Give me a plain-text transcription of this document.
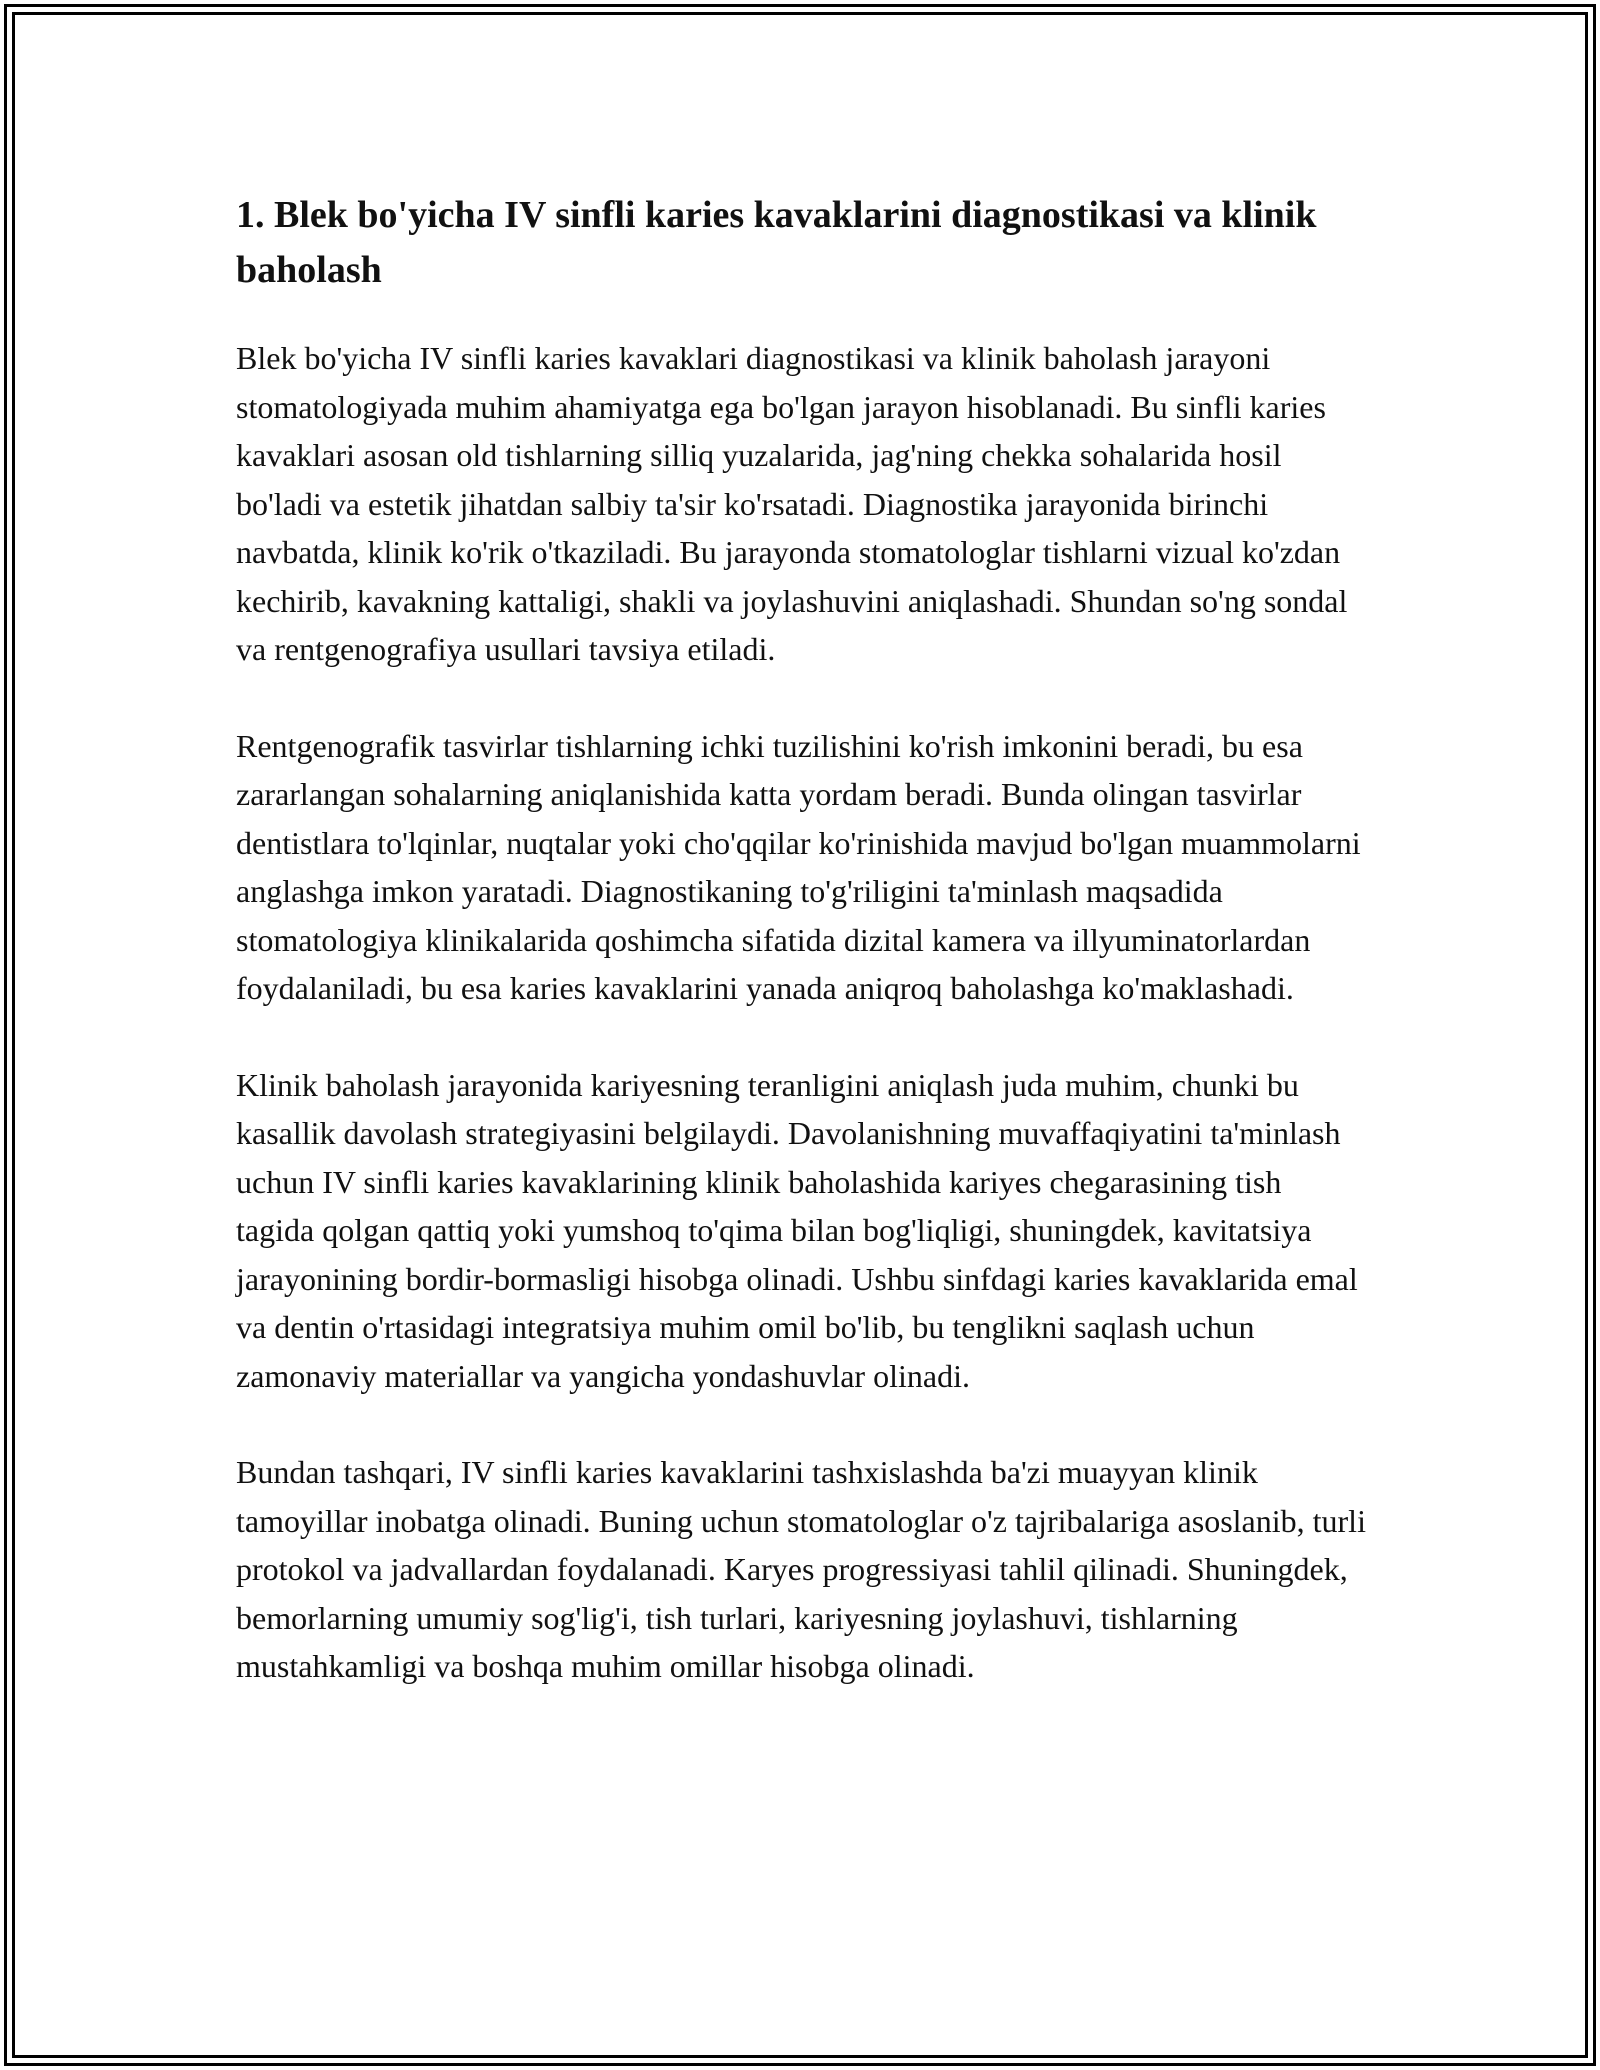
1. Blek bo'yicha IV sinfli karies kavaklarini diagnostikasi va klinik baholash

Blek bo'yicha IV sinfli karies kavaklari diagnostikasi va klinik baholash jarayoni stomatologiyada muhim ahamiyatga ega bo'lgan jarayon hisoblanadi. Bu sinfli karies kavaklari asosan old tishlarning silliq yuzalarida, jag'ning chekka sohalarida hosil bo'ladi va estetik jihatdan salbiy ta'sir ko'rsatadi. Diagnostika jarayonida birinchi navbatda, klinik ko'rik o'tkaziladi. Bu jarayonda stomatologlar tishlarni vizual ko'zdan kechirib, kavakning kattaligi, shakli va joylashuvini aniqlashadi. Shundan so'ng sondal va rentgenografiya usullari tavsiya etiladi.

Rentgenografik tasvirlar tishlarning ichki tuzilishini ko'rish imkonini beradi, bu esa zararlangan sohalarning aniqlanishida katta yordam beradi. Bunda olingan tasvirlar dentistlara to'lqinlar, nuqtalar yoki cho'qqilar ko'rinishida mavjud bo'lgan muammolarni anglashga imkon yaratadi. Diagnostikaning to'g'riligini ta'minlash maqsadida stomatologiya klinikalarida qoshimcha sifatida dizital kamera va illyuminatorlardan foydalaniladi, bu esa karies kavaklarini yanada aniqroq baholashga ko'maklashadi.

Klinik baholash jarayonida kariyesning teranligini aniqlash juda muhim, chunki bu kasallik davolash strategiyasini belgilaydi. Davolanishning muvaffaqiyatini ta'minlash uchun IV sinfli karies kavaklarining klinik baholashida kariyes chegarasining tish tagida qolgan qattiq yoki yumshoq to'qima bilan bog'liqligi, shuningdek, kavitatsiya jarayonining bordir-bormasligi hisobga olinadi. Ushbu sinfdagi karies kavaklarida emal va dentin o'rtasidagi integratsiya muhim omil bo'lib, bu tenglikni saqlash uchun zamonaviy materiallar va yangicha yondashuvlar olinadi.

Bundan tashqari, IV sinfli karies kavaklarini tashxislashda ba'zi muayyan klinik tamoyillar inobatga olinadi. Buning uchun stomatologlar o'z tajribalariga asoslanib, turli protokol va jadvallardan foydalanadi. Karyes progressiyasi tahlil qilinadi. Shuningdek, bemorlarning umumiy sog'lig'i, tish turlari, kariyesning joylashuvi, tishlarning mustahkamligi va boshqa muhim omillar hisobga olinadi.
